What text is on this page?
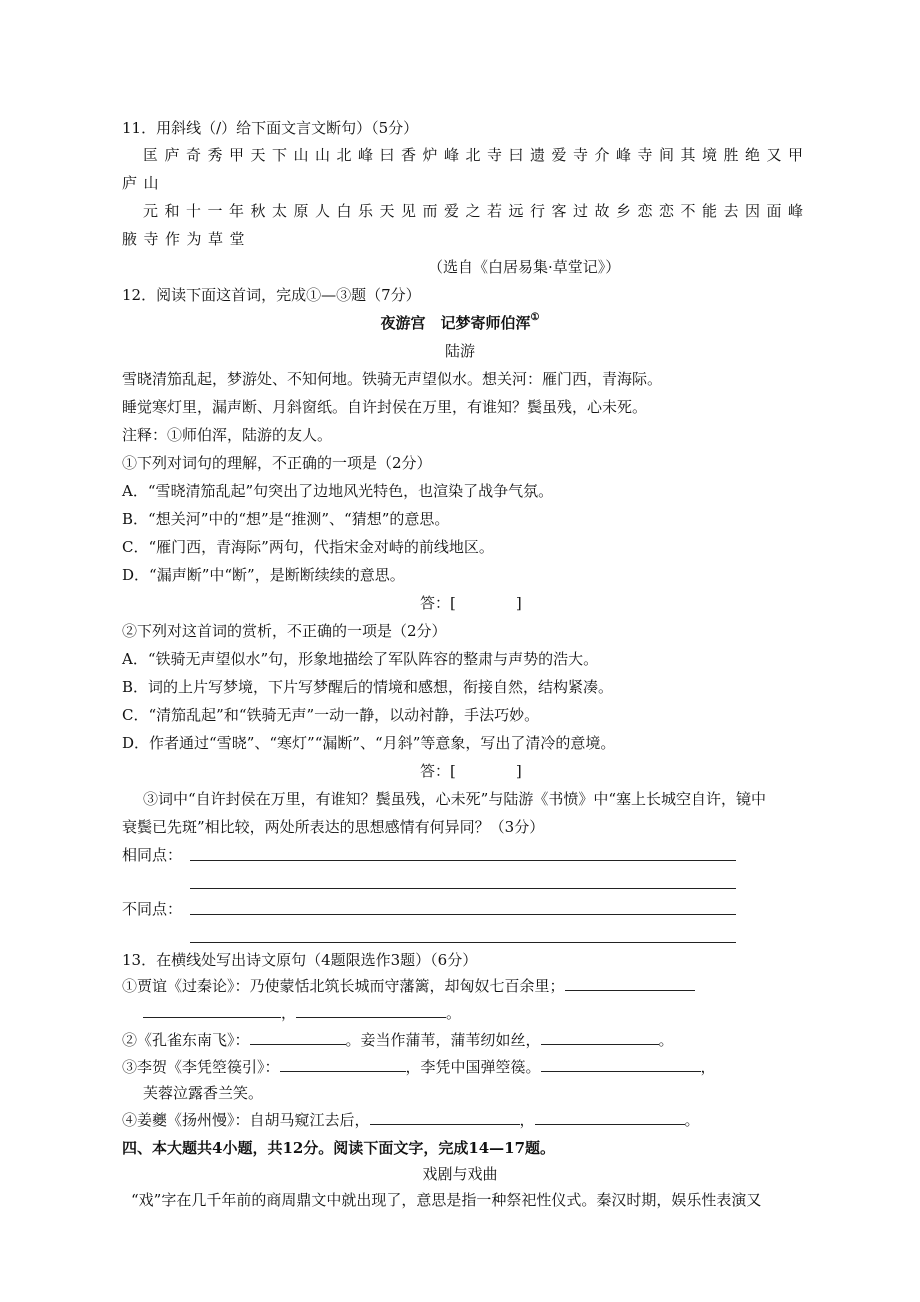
11．用斜线（/）给下面文言文断句）（5分）
匡庐奇秀甲天下山山北峰曰香炉峰北寺曰遗爱寺介峰寺间其境胜绝又甲
庐山
元和十一年秋太原人白乐天见而爱之若远行客过故乡恋恋不能去因面峰
腋寺作为草堂
（选自《白居易集·草堂记》）
12．阅读下面这首词，完成①—③题（7分）
夜游宫　记梦寄师伯浑①
陆游
雪晓清笳乱起，梦游处、不知何地。铁骑无声望似水。想关河：雁门西，青海际。
睡觉寒灯里，漏声断、月斜窗纸。自许封侯在万里，有谁知？鬓虽残，心未死。
注释：①师伯浑，陆游的友人。
①下列对词句的理解，不正确的一项是（2分）
A．“雪晓清笳乱起”句突出了边地风光特色，也渲染了战争气氛。
B．“想关河”中的“想”是“推测”、“猜想”的意思。
C．“雁门西，青海际”两句，代指宋金对峙的前线地区。
D．“漏声断”中“断”，是断断续续的意思。
答：[　　　　]
②下列对这首词的赏析，不正确的一项是（2分）
A．“铁骑无声望似水”句，形象地描绘了军队阵容的整肃与声势的浩大。
B．词的上片写梦境，下片写梦醒后的情境和感想，衔接自然，结构紧凑。
C．“清笳乱起”和“铁骑无声”一动一静，以动衬静，手法巧妙。
D．作者通过“雪晓”、“寒灯”“漏断”、“月斜”等意象，写出了清冷的意境。
答：[　　　　]
③词中“自许封侯在万里，有谁知？鬓虽残，心未死”与陆游《书愤》中“塞上长城空自许，镜中
衰鬓已先斑”相比较，两处所表达的思想感情有何异同？（3分）
相同点：
不同点：
13．在横线处写出诗文原句（4题限选作3题）（6分）
①贾谊《过秦论》：乃使蒙恬北筑长城而守藩篱，却匈奴七百余里；
，	。
②《孔雀东南飞》：	。妾当作蒲苇，蒲苇纫如丝，	。
③李贺《李凭箜篌引》：	，李凭中国弹箜篌。	，
芙蓉泣露香兰笑。
④姜夔《扬州慢》：自胡马窥江去后，	，	。
四、本大题共4小题，共12分。阅读下面文字，完成14—17题。
戏剧与戏曲
“戏”字在几千年前的商周鼎文中就出现了，意思是指一种祭祀性仪式。秦汉时期，娱乐性表演又
